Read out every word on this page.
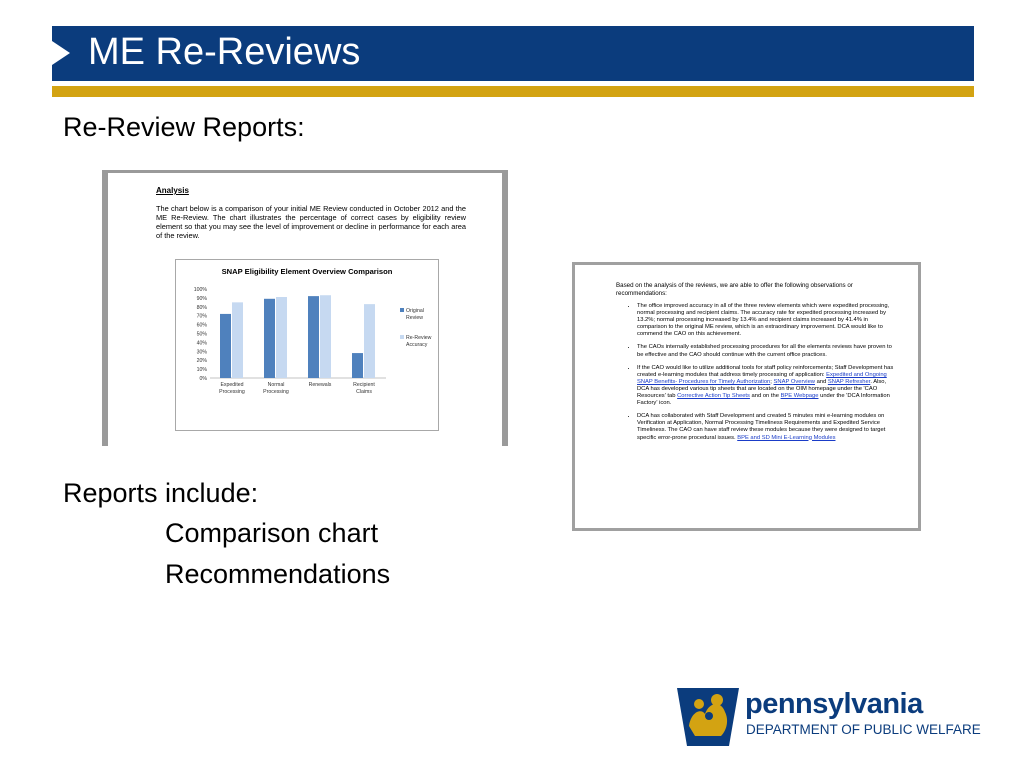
ME Re-Reviews
Re-Review Reports:
Analysis
The chart below is a comparison of your initial ME Review conducted in October 2012 and the ME Re-Review. The chart illustrates the percentage of correct cases by eligibility review element so that you may see the level of improvement or decline in performance for each area of the review.
SNAP Eligibility Element Overview Comparison
0%
10%
20%
30%
40%
50%
60%
70%
80%
90%
100%
Expedited
Processing
Normal
Processing
Renewals	Recipient
Claims
Original
Review
Re-Review
Accuracy
Based on the analysis of the reviews, we are able to offer the following observations or recommendations:
• The office improved accuracy in all of the three review elements which were expedited processing, normal processing and recipient claims. The accuracy rate for expedited processing increased by 13.2%; normal processing increased by 13.4% and recipient claims increased by 41.4% in comparison to the original ME review, which is an extraordinary improvement. DCA would like to commend the CAO on this achievement.
• The CAOs internally established processing procedures for all the elements reviews have proven to be effective and the CAO should continue with the current office practices.
• If the CAO would like to utilize additional tools for staff policy reinforcements; Staff Development has created e-learning modules that address timely processing of application: Expedited and Ongoing SNAP Benefits- Procedures for Timely Authorization; SNAP Overview and SNAP Refresher. Also, DCA has developed various tip sheets that are located on the OIM homepage under the 'CAO Resources' tab Corrective Action Tip Sheets and on the BPE Webpage under the 'DCA Information Factory' icon.
• DCA has collaborated with Staff Development and created 5 minutes mini e-learning modules on Verification at Application, Normal Processing Timeliness Requirements and Expedited Service Timeliness. The CAO can have staff review these modules because they were designed to target specific error-prone procedural issues. BPE and SD Mini E-Learning Modules
Reports include:
Comparison chart
Recommendations
pennsylvania
DEPARTMENT OF PUBLIC WELFARE
